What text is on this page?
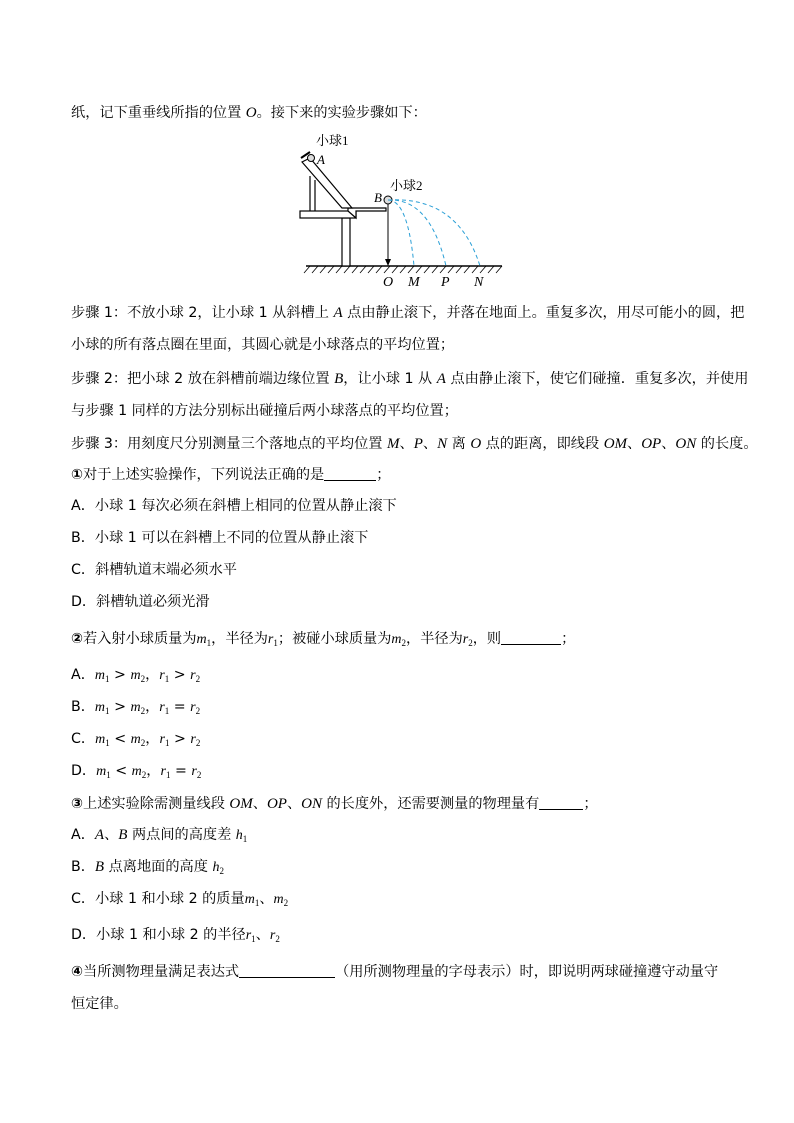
纸，记下重垂线所指的位置 O。接下来的实验步骤如下：
小球1
A
小球2
B
O M P N
步骤 1：不放小球 2，让小球 1 从斜槽上 A 点由静止滚下，并落在地面上。重复多次，用尽可能小的圆，把
小球的所有落点圈在里面，其圆心就是小球落点的平均位置；
步骤 2：把小球 2 放在斜槽前端边缘位置 B，让小球 1 从 A 点由静止滚下，使它们碰撞．重复多次，并使用
与步骤 1 同样的方法分别标出碰撞后两小球落点的平均位置；
步骤 3：用刻度尺分别测量三个落地点的平均位置 M、P、N 离 O 点的距离，即线段 OM、OP、ON 的长度。
①对于上述实验操作，下列说法正确的是	；
A．小球 1 每次必须在斜槽上相同的位置从静止滚下
B．小球 1 可以在斜槽上不同的位置从静止滚下
C．斜槽轨道末端必须水平
D．斜槽轨道必须光滑
②若入射小球质量为$m_1$，半径为$r_1$；被碰小球质量为$m_2$，半径为$r_2$，则	；
A．$m_1 > m_2$，$r_1 > r_2$
B．$m_1 > m_2$，$r_1 = r_2$
C．$m_1 < m_2$，$r_1 > r_2$
D．$m_1 < m_2$，$r_1 = r_2$
③上述实验除需测量线段 OM、OP、ON 的长度外，还需要测量的物理量有	；
A．A、B 两点间的高度差 $h_1$
B．B 点离地面的高度 $h_2$
C．小球 1 和小球 2 的质量$m_1$、$m_2$
D．小球 1 和小球 2 的半径$r_1$、$r_2$
④当所测物理量满足表达式	（用所测物理量的字母表示）时，即说明两球碰撞遵守动量守
恒定律。
